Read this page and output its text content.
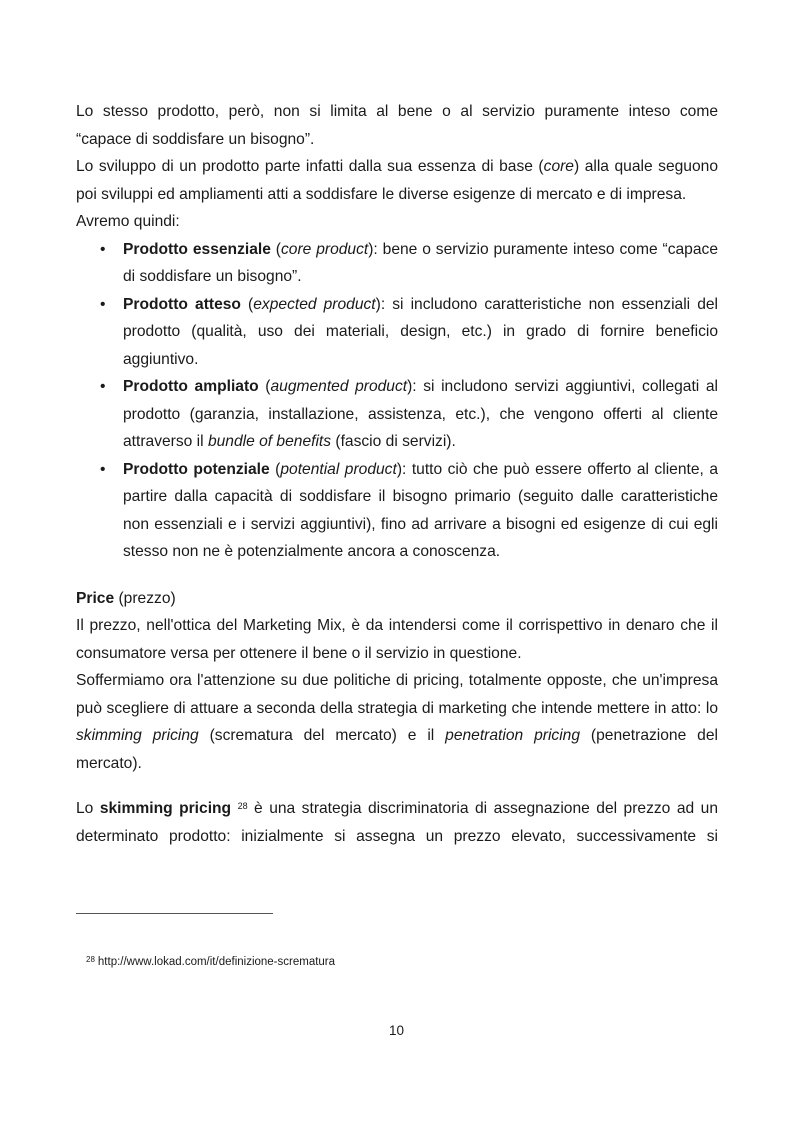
Lo stesso prodotto, però, non si limita al bene o al servizio puramente inteso come

“capace di soddisfare un bisogno”.

Lo sviluppo di un prodotto parte infatti dalla sua essenza di base (core) alla quale seguono poi sviluppi ed ampliamenti atti a soddisfare le diverse esigenze di mercato e di impresa.

Avremo quindi:

• Prodotto essenziale (core product): bene o servizio puramente inteso come “capace di soddisfare un bisogno”.

• Prodotto atteso (expected product): si includono caratteristiche non essenziali del prodotto (qualità, uso dei materiali, design, etc.) in grado di fornire beneficio aggiuntivo.

• Prodotto ampliato (augmented product): si includono servizi aggiuntivi, collegati al prodotto (garanzia, installazione, assistenza, etc.), che vengono offerti al cliente attraverso il bundle of benefits (fascio di servizi).

• Prodotto potenziale (potential product): tutto ciò che può essere offerto al cliente, a partire dalla capacità di soddisfare il bisogno primario (seguito dalle caratteristiche non essenziali e i servizi aggiuntivi), fino ad arrivare a bisogni ed esigenze di cui egli stesso non ne è potenzialmente ancora a conoscenza.

Price (prezzo)

Il prezzo, nell'ottica del Marketing Mix, è da intendersi come il corrispettivo in denaro che il consumatore versa per ottenere il bene o il servizio in questione.

Soffermiamo ora l'attenzione su due politiche di pricing, totalmente opposte, che un'impresa può scegliere di attuare a seconda della strategia di marketing che intende mettere in atto: lo skimming pricing (scrematura del mercato) e il penetration pricing (penetrazione del mercato).

Lo skimming pricing $^{28}$ è una strategia discriminatoria di assegnazione del prezzo ad un determinato prodotto: inizialmente si assegna un prezzo elevato, successivamente si

$^{28}$ http://www.lokad.com/it/definizione-scrematura
10
